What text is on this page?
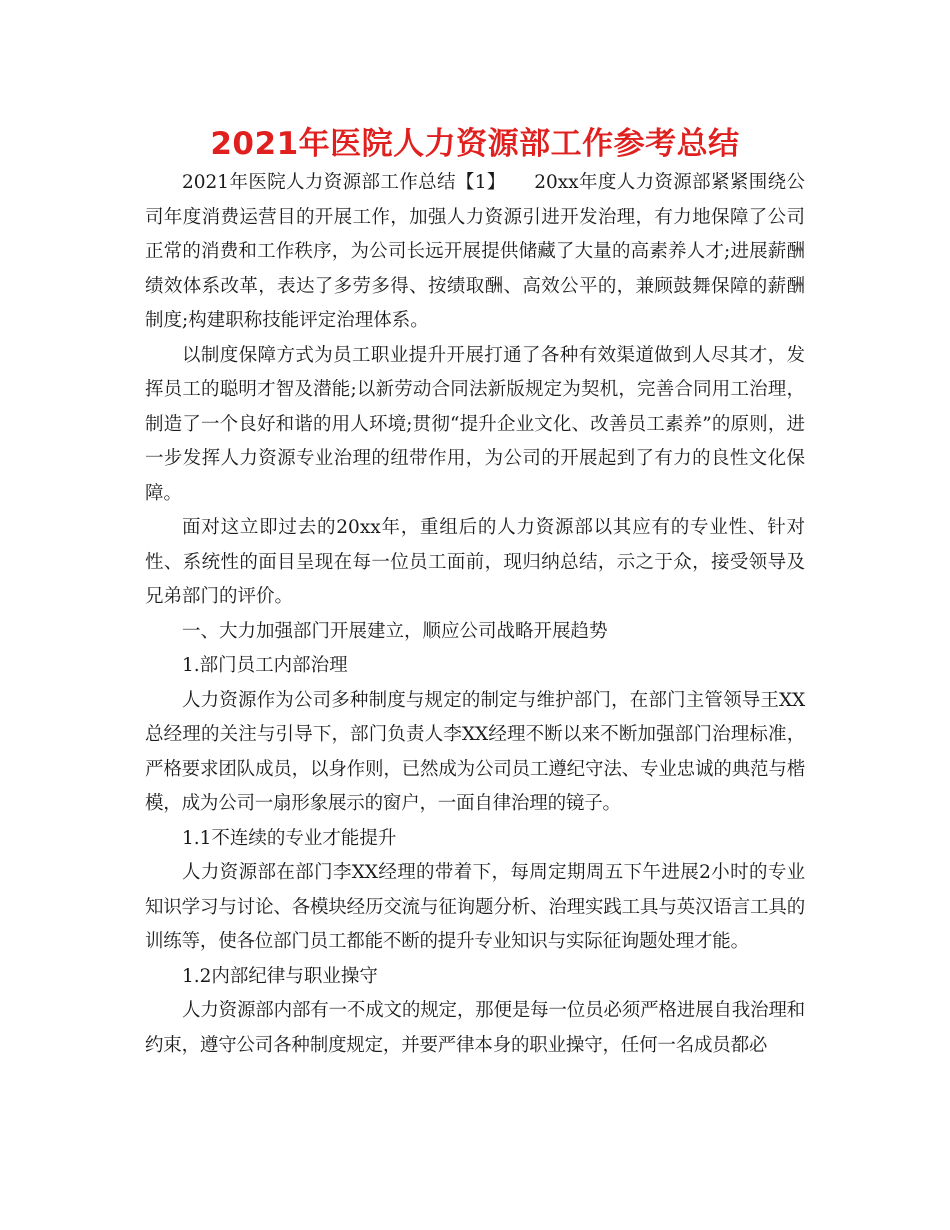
2021年医院人力资源部工作参考总结

2021年医院人力资源部工作总结【1】　　20xx年度人力资源部紧紧围绕公司年度消费运营目的开展工作，加强人力资源引进开发治理，有力地保障了公司正常的消费和工作秩序，为公司长远开展提供储藏了大量的高素养人才;进展薪酬绩效体系改革，表达了多劳多得、按绩取酬、高效公平的，兼顾鼓舞保障的薪酬制度;构建职称技能评定治理体系。

以制度保障方式为员工职业提升开展打通了各种有效渠道做到人尽其才，发挥员工的聪明才智及潜能;以新劳动合同法新版规定为契机，完善合同用工治理，制造了一个良好和谐的用人环境;贯彻“提升企业文化、改善员工素养”的原则，进一步发挥人力资源专业治理的纽带作用，为公司的开展起到了有力的良性文化保障。

面对这立即过去的20xx年，重组后的人力资源部以其应有的专业性、针对性、系统性的面目呈现在每一位员工面前，现归纳总结，示之于众，接受领导及兄弟部门的评价。

一、大力加强部门开展建立，顺应公司战略开展趋势

1.部门员工内部治理

人力资源作为公司多种制度与规定的制定与维护部门，在部门主管领导王XX总经理的关注与引导下，部门负责人李XX经理不断以来不断加强部门治理标准，严格要求团队成员，以身作则，已然成为公司员工遵纪守法、专业忠诚的典范与楷模，成为公司一扇形象展示的窗户，一面自律治理的镜子。

1.1不连续的专业才能提升

人力资源部在部门李XX经理的带着下，每周定期周五下午进展2小时的专业知识学习与讨论、各模块经历交流与征询题分析、治理实践工具与英汉语言工具的训练等，使各位部门员工都能不断的提升专业知识与实际征询题处理才能。

1.2内部纪律与职业操守

人力资源部内部有一不成文的规定，那便是每一位员必须严格进展自我治理和约束，遵守公司各种制度规定，并要严律本身的职业操守，任何一名成员都必
